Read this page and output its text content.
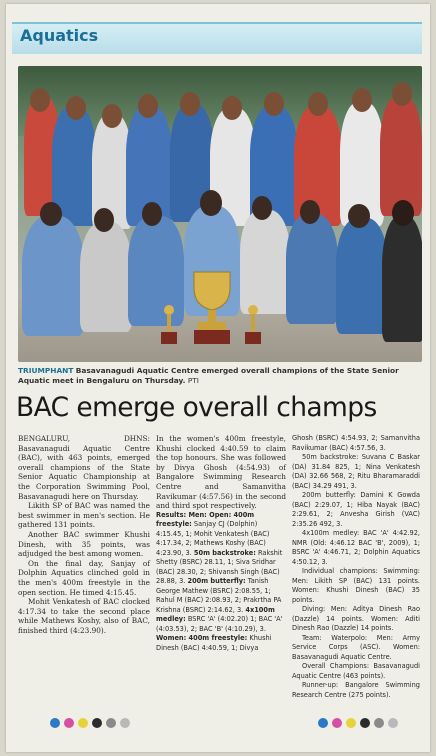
Aquatics
TRIUMPHANT Basavanagudi Aquatic Centre emerged overall champions of the State Senior Aquatic meet in Bengaluru on Thursday. PTI
BAC emerge overall champs

BENGALURU, DHNS: Basavanagudi Aquatic Centre (BAC), with 463 points, emerged overall champions of the State Senior Aquatic Championship at the Corporation Swimming Pool, Basavanagudi here on Thursday.

Likith SP of BAC was named the best swimmer in men's section. He gathered 131 points.

Another BAC swimmer Khushi Dinesh, with 35 points, was adjudged the best among women.

On the final day, Sanjay of Dolphin Aquatics clinched gold in the men's 400m freestyle in the open section. He timed 4:15.45.

Mohit Venkatesh of BAC clocked 4:17.34 to take the second place while Mathews Koshy, also of BAC, finished third (4:23.90).

In the women's 400m freestyle, Khushi clocked 4:40.59 to claim the top honours. She was followed by Divya Ghosh (4:54.93) of Bangalore Swimming Research Centre and Samanvitha Ravikumar (4:57.56) in the second and third spot respectively.

Results: Men: Open: 400m freestyle: Sanjay CJ (Dolphin) 4:15.45, 1; Mohit Venkatesh (BAC) 4:17.34, 2; Mathews Koshy (BAC) 4:23.90, 3. 50m backstroke: Rakshit Shetty (BSRC) 28.11, 1; Siva Sridhar (BAC) 28.30, 2; Shivansh Singh (BAC) 28.88, 3. 200m butterfly: Tanish George Mathew (BSRC) 2:08.55, 1; Rahul M (BAC) 2:08.93, 2; Prakrtha PA Krishna (BSRC) 2:14.62, 3. 4x100m medley: BSRC 'A' (4:02.20) 1; BAC 'A' (4:03.53), 2; BAC 'B' (4:10.29), 3. Women: 400m freestyle: Khushi Dinesh (BAC) 4:40.59, 1; Divya

Ghosh (BSRC) 4:54.93, 2; Samanvitha Ravikumar (BAC) 4:57.56, 3.

50m backstroke: Suvana C Baskar (DA) 31.84 825, 1; Nina Venkatesh (DA) 32.66 568, 2; Ritu Bharamaraddi (BAC) 34.29 491, 3.

200m butterfly: Damini K Gowda (BAC) 2:29.07, 1; Hiba Nayak (BAC) 2:29.61, 2; Anvesha Girish (VAC) 2:35.26 492, 3.

4x100m medley: BAC 'A' 4:42.92, NMR (Old: 4:46.12 BAC 'B', 2009), 1; BSRC 'A' 4:46.71, 2; Dolphin Aquatics 4:50.12, 3.

Individual champions: Swimming: Men: Likith SP (BAC) 131 points. Women: Khushi Dinesh (BAC) 35 points.

Diving: Men: Aditya Dinesh Rao (Dazzle) 14 points. Women: Aditi Dinesh Rao (Dazzle) 14 points.

Team: Waterpolo: Men: Army Service Corps (ASC). Women: Basavanagudi Aquatic Centre.

Overall Champions: Basavanagudi Aquatic Centre (463 points).

Runner-up: Bangalore Swimming Research Centre (275 points).
